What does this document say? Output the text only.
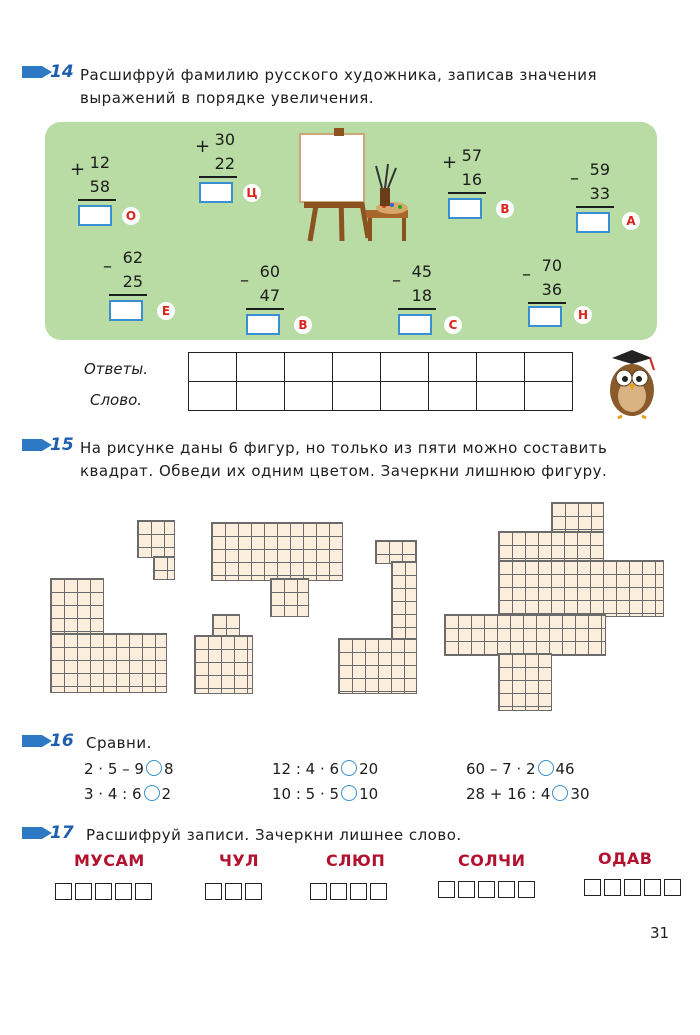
14 Расшифруй фамилию русского художника, записав значения
выражений в порядке увеличения.
+ 12
58
О
+ 30
22
Ц
+ 57
16
В
– 59
33
А
– 62
25
Е
– 60
47
В
– 45
18
С
– 70
36
Н
Ответы.
Слово.

15 На рисунке даны 6 фигур, но только из пяти можно составить
квадрат. Обведи их одним цветом. Зачеркни лишнюю фигуру.
16 Сравни.
2 · 5 – 9 8	12 : 4 · 6 20	60 – 7 · 2 46
3 · 4 : 6 2	10 : 5 · 5 10	28 + 16 : 4 30
17 Расшифруй записи. Зачеркни лишнее слово.
МУСАМ	ЧУЛ	СЛЮП	СОЛЧИ	ОДАВ
31
